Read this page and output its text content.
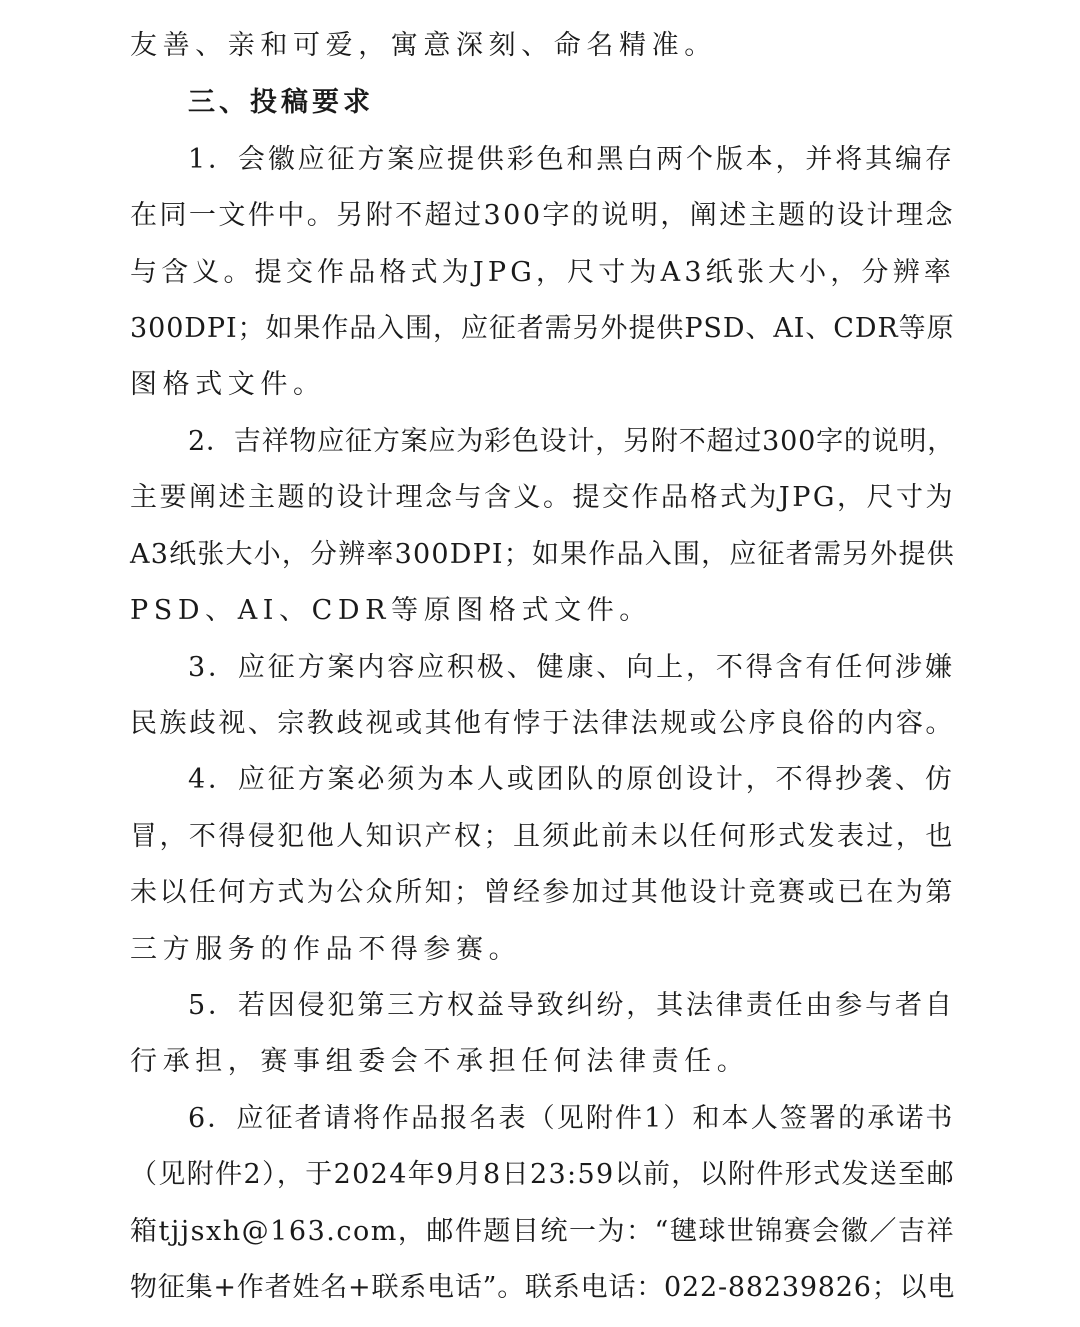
友善、亲和可爱，寓意深刻、命名精准。
三、投稿要求
1．会徽应征方案应提供彩色和黑白两个版本，并将其编存
在同一文件中。另附不超过300字的说明，阐述主题的设计理念
与含义。提交作品格式为JPG，尺寸为A3纸张大小，分辨率
300DPI；如果作品入围，应征者需另外提供PSD、AI、CDR等原
图格式文件。
2．吉祥物应征方案应为彩色设计，另附不超过300字的说明，
主要阐述主题的设计理念与含义。提交作品格式为JPG，尺寸为
A3纸张大小，分辨率300DPI；如果作品入围，应征者需另外提供
PSD、AI、CDR等原图格式文件。
3．应征方案内容应积极、健康、向上，不得含有任何涉嫌
民族歧视、宗教歧视或其他有悖于法律法规或公序良俗的内容。
4．应征方案必须为本人或团队的原创设计，不得抄袭、仿
冒，不得侵犯他人知识产权；且须此前未以任何形式发表过，也
未以任何方式为公众所知；曾经参加过其他设计竞赛或已在为第
三方服务的作品不得参赛。
5．若因侵犯第三方权益导致纠纷，其法律责任由参与者自
行承担，赛事组委会不承担任何法律责任。
6．应征者请将作品报名表（见附件1）和本人签署的承诺书
（见附件2），于2024年9月8日23:59以前，以附件形式发送至邮
箱tjjsxh@163.com，邮件题目统一为：“毽球世锦赛会徽／吉祥
物征集+作者姓名+联系电话”。联系电话：022-88239826；以电
